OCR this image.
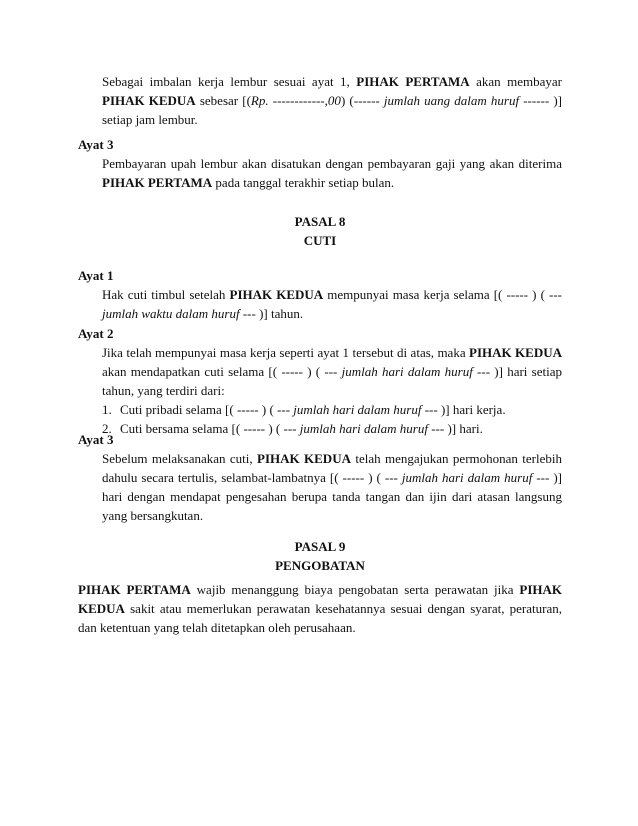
Sebagai imbalan kerja lembur sesuai ayat 1, PIHAK PERTAMA akan membayar PIHAK KEDUA sebesar [(Rp. ------------,00) (------ jumlah uang dalam huruf ------ )] setiap jam lembur.
Ayat 3
Pembayaran upah lembur akan disatukan dengan pembayaran gaji yang akan diterima PIHAK PERTAMA pada tanggal terakhir setiap bulan.
PASAL 8
CUTI
Ayat 1
Hak cuti timbul setelah PIHAK KEDUA mempunyai masa kerja selama [( ----- ) ( --- jumlah waktu dalam huruf --- )] tahun.
Ayat 2
Jika telah mempunyai masa kerja seperti ayat 1 tersebut di atas, maka PIHAK KEDUA akan mendapatkan cuti selama [( ----- ) ( --- jumlah hari dalam huruf --- )] hari setiap tahun, yang terdiri dari:
1. Cuti pribadi selama [( ----- ) ( --- jumlah hari dalam huruf --- )] hari kerja.
2. Cuti bersama selama [( ----- ) ( --- jumlah hari dalam huruf --- )] hari.
Ayat 3
Sebelum melaksanakan cuti, PIHAK KEDUA telah mengajukan permohonan terlebih dahulu secara tertulis, selambat-lambatnya [( ----- ) ( --- jumlah hari dalam huruf --- )] hari dengan mendapat pengesahan berupa tanda tangan dan ijin dari atasan langsung yang bersangkutan.
PASAL 9
PENGOBATAN
PIHAK PERTAMA wajib menanggung biaya pengobatan serta perawatan jika PIHAK KEDUA sakit atau memerlukan perawatan kesehatannya sesuai dengan syarat, peraturan, dan ketentuan yang telah ditetapkan oleh perusahaan.
